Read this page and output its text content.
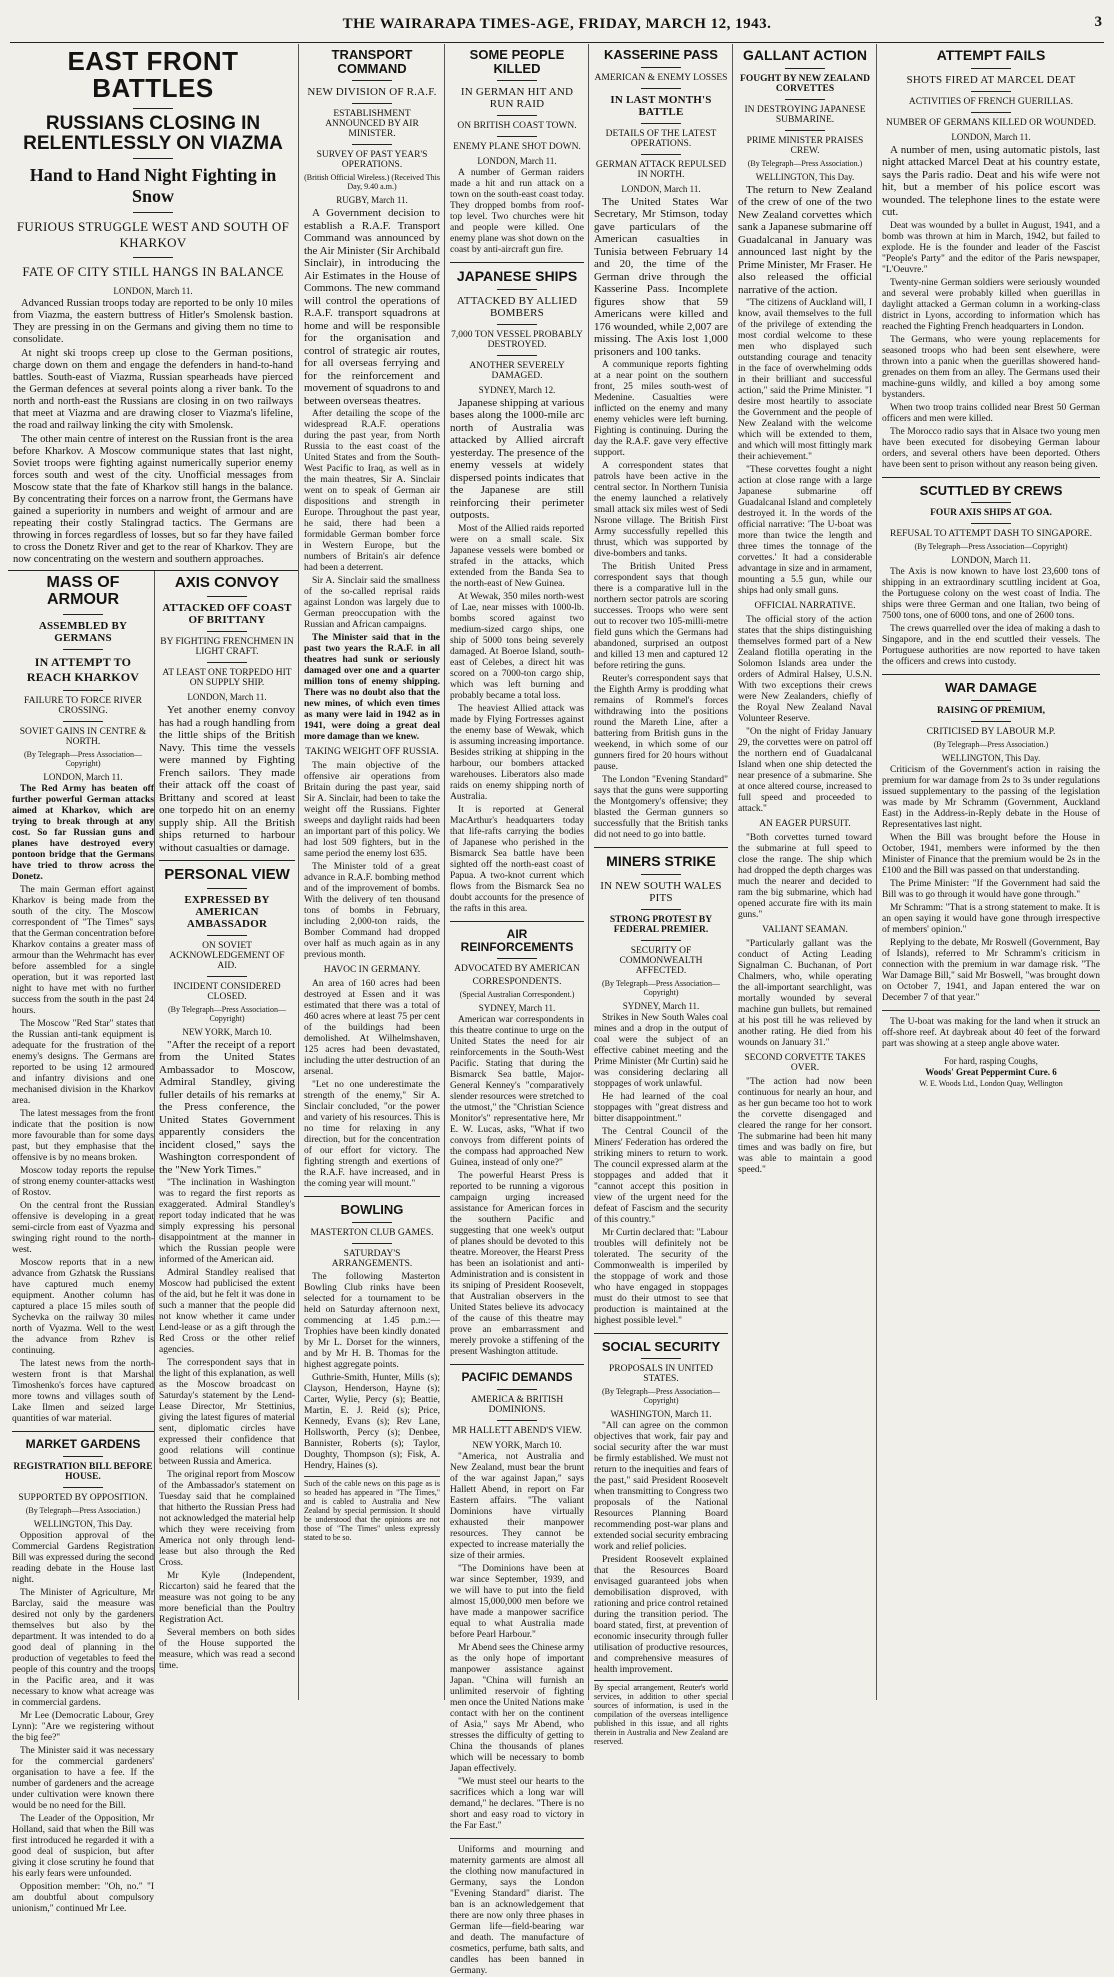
THE WAIRARAPA TIMES-AGE, FRIDAY, MARCH 12, 1943.	3
EAST FRONT BATTLES
RUSSIANS CLOSING IN RELENTLESSLY ON VIAZMA
Hand to Hand Night Fighting in Snow
FURIOUS STRUGGLE WEST AND SOUTH OF KHARKOV
FATE OF CITY STILL HANGS IN BALANCE
LONDON, March 11.

Advanced Russian troops today are reported to be only 10 miles from Viazma, the eastern buttress of Hitler's Smolensk bastion. They are pressing in on the Germans and giving them no time to consolidate.

At night ski troops creep up close to the German positions, charge down on them and engage the defenders in hand-to-hand battles. South-east of Viazma, Russian spearheads have pierced the German defences at several points along a river bank. To the north and north-east the Russians are closing in on two railways that meet at Viazma and are drawing closer to Viazma's lifeline, the road and railway linking the city with Smolensk.

The other main centre of interest on the Russian front is the area before Kharkov. A Moscow communique states that last night, Soviet troops were fighting against numerically superior enemy forces south and west of the city. Unofficial messages from Moscow state that the fate of Kharkov still hangs in the balance. By concentrating their forces on a narrow front, the Germans have gained a superiority in numbers and weight of armour and are repeating their costly Stalingrad tactics. The Germans are throwing in forces regardless of losses, but so far they have failed to cross the Donetz River and get to the rear of Kharkov. They are now concentrating on the western and southern approaches.

MASS OF ARMOUR
ASSEMBLED BY GERMANS
IN ATTEMPT TO REACH KHARKOV
FAILURE TO FORCE RIVER CROSSING.
SOVIET GAINS IN CENTRE & NORTH.
(By Telegraph—Press Association—Copyright)
LONDON, March 11.

The Red Army has beaten off further powerful German attacks aimed at Kharkov, which are trying to break through at any cost. So far Russian guns and planes have destroyed every pontoon bridge that the Germans have tried to throw across the Donetz.

The main German effort against Kharkov is being made from the south of the city. The Moscow correspondent of "The Times" says that the German concentration before Kharkov contains a greater mass of armour than the Wehrmacht has ever before assembled for a single operation, but it was reported last night to have met with no further success from the south in the past 24 hours.

The Moscow "Red Star" states that the Russian anti-tank equipment is adequate for the frustration of the enemy's designs. The Germans are reported to be using 12 armoured and infantry divisions and one mechanised division in the Kharkov area.

The latest messages from the front indicate that the position is now more favourable than for some days past, but they emphasise that the offensive is by no means broken.

Moscow today reports the repulse of strong enemy counter-attacks west of Rostov.

On the central front the Russian offensive is developing in a great semi-circle from east of Vyazma and swinging right round to the north-west.

Moscow reports that in a new advance from Gzhatsk the Russians have captured much enemy equipment. Another column has captured a place 15 miles south of Sychevka on the railway 30 miles north of Vyazma. Well to the west the advance from Rzhev is continuing.

The latest news from the north-western front is that Marshal Timoshenko's forces have captured more towns and villages south of Lake Ilmen and seized large quantities of war material.

MARKET GARDENS
REGISTRATION BILL BEFORE HOUSE.
SUPPORTED BY OPPOSITION.
(By Telegraph—Press Association.)
WELLINGTON, This Day.

Opposition approval of the Commercial Gardens Registration Bill was expressed during the second reading debate in the House last night.

The Minister of Agriculture, Mr Barclay, said the measure was desired not only by the gardeners themselves but also by the department. It was intended to do a good deal of planning in the production of vegetables to feed the people of this country and the troops in the Pacific area, and it was necessary to know what acreage was in commercial gardens.

Mr Lee (Democratic Labour, Grey Lynn): "Are we registering without the big fee?"

The Minister said it was necessary for the commercial gardeners' organisation to have a fee. If the number of gardeners and the acreage under cultivation were known there would be no need for the Bill.

The Leader of the Opposition, Mr Holland, said that when the Bill was first introduced he regarded it with a good deal of suspicion, but after giving it close scrutiny he found that his early fears were unfounded.

Opposition member: "Oh, no." "I am doubtful about compulsory unionism," continued Mr Lee.

AXIS CONVOY
ATTACKED OFF COAST OF BRITTANY
BY FIGHTING FRENCHMEN IN LIGHT CRAFT.
AT LEAST ONE TORPEDO HIT ON SUPPLY SHIP.
LONDON, March 11.

Yet another enemy convoy has had a rough handling from the little ships of the British Navy. This time the vessels were manned by Fighting French sailors. They made their attack off the coast of Brittany and scored at least one torpedo hit on an enemy supply ship. All the British ships returned to harbour without casualties or damage.

PERSONAL VIEW
EXPRESSED BY AMERICAN AMBASSADOR
ON SOVIET ACKNOWLEDGEMENT OF AID.
INCIDENT CONSIDERED CLOSED.
(By Telegraph—Press Association—Copyright)
NEW YORK, March 10.

"After the receipt of a report from the United States Ambassador to Moscow, Admiral Standley, giving fuller details of his remarks at the Press conference, the United States Government apparently considers the incident closed," says the Washington correspondent of the "New York Times."

"The inclination in Washington was to regard the first reports as exaggerated. Admiral Standley's report today indicated that he was simply expressing his personal disappointment at the manner in which the Russian people were informed of the American aid.

Admiral Standley realised that Moscow had publicised the extent of the aid, but he felt it was done in such a manner that the people did not know whether it came under Lend-lease or as a gift through the Red Cross or the other relief agencies.

The correspondent says that in the light of this explanation, as well as the Moscow broadcast on Saturday's statement by the Lend-Lease Director, Mr Stettinius, giving the latest figures of material sent, diplomatic circles have expressed their confidence that good relations will continue between Russia and America.

The original report from Moscow of the Ambassador's statement on Tuesday said that he complained that hitherto the Russian Press had not acknowledged the material help which they were receiving from America not only through lend-lease but also through the Red Cross.

Mr Kyle (Independent, Riccarton) said he feared that the measure was not going to be any more beneficial than the Poultry Registration Act.

Several members on both sides of the House supported the measure, which was read a second time.

TRANSPORT COMMAND
NEW DIVISION OF R.A.F.
ESTABLISHMENT ANNOUNCED BY AIR MINISTER.
SURVEY OF PAST YEAR'S OPERATIONS.
(British Official Wireless.) (Received This Day, 9.40 a.m.)
RUGBY, March 11.

A Government decision to establish a R.A.F. Transport Command was announced by the Air Minister (Sir Archibald Sinclair), in introducing the Air Estimates in the House of Commons. The new command will control the operations of R.A.F. transport squadrons at home and will be responsible for the organisation and control of strategic air routes, for all overseas ferrying and for the reinforcement and movement of squadrons to and between overseas theatres.

After detailing the scope of the widespread R.A.F. operations during the past year, from North Russia to the east coast of the United States and from the South-West Pacific to Iraq, as well as in the main theatres, Sir A. Sinclair went on to speak of German air dispositions and strength in Europe. Throughout the past year, he said, there had been a formidable German bomber force in Western Europe, but the numbers of Britain's air defence had been a deterrent.

Sir A. Sinclair said the smallness of the so-called reprisal raids against London was largely due to German preoccupation with the Russian and African campaigns.

The Minister said that in the past two years the R.A.F. in all theatres had sunk or seriously damaged over one and a quarter million tons of enemy shipping. There was no doubt also that the new mines, of which even times as many were laid in 1942 as in 1941, were doing a great deal more damage than we knew.

TAKING WEIGHT OFF RUSSIA.

The main objective of the offensive air operations from Britain during the past year, said Sir A. Sinclair, had been to take the weight off the Russians. Fighter sweeps and daylight raids had been an important part of this policy. We had lost 509 fighters, but in the same period the enemy lost 635.

The Minister told of a great advance in R.A.F. bombing method and of the improvement of bombs. With the delivery of ten thousand tons of bombs in February, including 2,000-ton raids, the Bomber Command had dropped over half as much again as in any previous month.

HAVOC IN GERMANY.

An area of 160 acres had been destroyed at Essen and it was estimated that there was a total of 460 acres where at least 75 per cent of the buildings had been demolished. At Wilhelmshaven, 125 acres had been devastated, including the utter destruction of an arsenal.

"Let no one underestimate the strength of the enemy," Sir A. Sinclair concluded, "or the power and variety of his resources. This is no time for relaxing in any direction, but for the concentration of our effort for victory. The fighting strength and exertions of the R.A.F. have increased, and in the coming year will mount."

BOWLING
MASTERTON CLUB GAMES.
SATURDAY'S ARRANGEMENTS.

The following Masterton Bowling Club rinks have been selected for a tournament to be held on Saturday afternoon next, commencing at 1.45 p.m.:—Trophies have been kindly donated by Mr L. Dorset for the winners, and by Mr H. B. Thomas for the highest aggregate points.

Guthrie-Smith, Hunter, Mills (s); Clayson, Henderson, Hayne (s); Carter, Wylie, Percy (s); Beattie, Martin, E. J. Reid (s); Price, Kennedy, Evans (s); Rev Lane, Hollsworth, Percy (s); Denbee, Bannister, Roberts (s); Taylor, Doughty, Thompson (s); Fisk, A. Hendry, Haines (s).

Such of the cable news on this page as is so headed has appeared in "The Times," and is cabled to Australia and New Zealand by special permission. It should be understood that the opinions are not those of "The Times" unless expressly stated to be so.
SOME PEOPLE KILLED
IN GERMAN HIT AND RUN RAID
ON BRITISH COAST TOWN.
ENEMY PLANE SHOT DOWN.
LONDON, March 11.

A number of German raiders made a hit and run attack on a town on the south-east coast today. They dropped bombs from roof-top level. Two churches were hit and people were killed. One enemy plane was shot down on the coast by anti-aircraft gun fire.

JAPANESE SHIPS
ATTACKED BY ALLIED BOMBERS
7,000 TON VESSEL PROBABLY DESTROYED.
ANOTHER SEVERELY DAMAGED.
SYDNEY, March 12.

Japanese shipping at various bases along the 1000-mile arc north of Australia was attacked by Allied aircraft yesterday. The presence of the enemy vessels at widely dispersed points indicates that the Japanese are still reinforcing their perimeter outposts.

Most of the Allied raids reported were on a small scale. Six Japanese vessels were bombed or strafed in the attacks, which extended from the Banda Sea to the north-east of New Guinea.

At Wewak, 350 miles north-west of Lae, near misses with 1000-lb. bombs scored against two medium-sized cargo ships, one ship of 5000 tons being severely damaged. At Boeroe Island, south-east of Celebes, a direct hit was scored on a 7000-ton cargo ship, which was left burning and probably became a total loss.

The heaviest Allied attack was made by Flying Fortresses against the enemy base of Wewak, which is assuming increasing importance. Besides striking at shipping in the harbour, our bombers attacked warehouses. Liberators also made raids on enemy shipping north of Australia.

It is reported at General MacArthur's headquarters today that life-rafts carrying the bodies of Japanese who perished in the Bismarck Sea battle have been sighted off the north-east coast of Papua. A two-knot current which flows from the Bismarck Sea no doubt accounts for the presence of the rafts in this area.

AIR REINFORCEMENTS
ADVOCATED BY AMERICAN
CORRESPONDENTS.
(Special Australian Correspondent.)
SYDNEY, March 11.

American war correspondents in this theatre continue to urge on the United States the need for air reinforcements in the South-West Pacific. Stating that during the Bismarck Sea battle, Major-General Kenney's "comparatively slender resources were stretched to the utmost," the "Christian Science Monitor's" representative here, Mr E. W. Lucas, asks, "What if two convoys from different points of the compass had approached New Guinea, instead of only one?"

The powerful Hearst Press is reported to be running a vigorous campaign urging increased assistance for American forces in the southern Pacific and suggesting that one week's output of planes should be devoted to this theatre. Moreover, the Hearst Press has been an isolationist and anti-Administration and is consistent in its sniping of President Roosevelt, that Australian observers in the United States believe its advocacy of the cause of this theatre may prove an embarrassment and merely provoke a stiffening of the present Washington attitude.

PACIFIC DEMANDS
AMERICA & BRITISH DOMINIONS.
MR HALLETT ABEND'S VIEW.
NEW YORK, March 10.

"America, not Australia and New Zealand, must bear the brunt of the war against Japan," says Hallett Abend, in report on Far Eastern affairs. "The valiant Dominions have virtually exhausted their manpower resources. They cannot be expected to increase materially the size of their armies.

"The Dominions have been at war since September, 1939, and we will have to put into the field almost 15,000,000 men before we have made a manpower sacrifice equal to what Australia made before Pearl Harbour."

Mr Abend sees the Chinese army as the only hope of important manpower assistance against Japan. "China will furnish an unlimited reservoir of fighting men once the United Nations make contact with her on the continent of Asia," says Mr Abend, who stresses the difficulty of getting to China the thousands of planes which will be necessary to bomb Japan effectively.

"We must steel our hearts to the sacrifices which a long war will demand," he declares. "There is no short and easy road to victory in the Far East."

Uniforms and mourning and maternity garments are almost all the clothing now manufactured in Germany, says the London "Evening Standard" diarist. The ban is an acknowledgement that there are now only three phases in German life—field-bearing war and death. The manufacture of cosmetics, perfume, bath salts, and candles has been banned in Germany.

KASSERINE PASS
AMERICAN & ENEMY LOSSES
IN LAST MONTH'S BATTLE
DETAILS OF THE LATEST OPERATIONS.
GERMAN ATTACK REPULSED IN NORTH.
LONDON, March 11.

The United States War Secretary, Mr Stimson, today gave particulars of the American casualties in Tunisia between February 14 and 20, the time of the German drive through the Kasserine Pass. Incomplete figures show that 59 Americans were killed and 176 wounded, while 2,007 are missing. The Axis lost 1,000 prisoners and 100 tanks.

A communique reports fighting at a near point on the southern front, 25 miles south-west of Medenine. Casualties were inflicted on the enemy and many enemy vehicles were left burning. Fighting is continuing. During the day the R.A.F. gave very effective support.

A correspondent states that patrols have been active in the central sector. In Northern Tunisia the enemy launched a relatively small attack six miles west of Sedi Nsrone village. The British First Army successfully repelled this thrust, which was supported by dive-bombers and tanks.

The British United Press correspondent says that though there is a comparative lull in the northern sector patrols are scoring successes. Troops who were sent out to recover two 105-milli-metre field guns which the Germans had abandoned, surprised an outpost and killed 13 men and captured 12 before retiring the guns.

Reuter's correspondent says that the Eighth Army is prodding what remains of Rommel's forces withdrawing into the positions round the Mareth Line, after a battering from British guns in the weekend, in which some of our gunners fired for 20 hours without pause.

The London "Evening Standard" says that the guns were supporting the Montgomery's offensive; they blasted the German gunners so successfully that the British tanks did not need to go into battle.

MINERS STRIKE
IN NEW SOUTH WALES PITS
STRONG PROTEST BY FEDERAL PREMIER.
SECURITY OF COMMONWEALTH AFFECTED.
(By Telegraph—Press Association—Copyright)
SYDNEY, March 11.

Strikes in New South Wales coal mines and a drop in the output of coal were the subject of an effective cabinet meeting and the Prime Minister (Mr Curtin) said he was considering declaring all stoppages of work unlawful.

He had learned of the coal stoppages with "great distress and bitter disappointment."

The Central Council of the Miners' Federation has ordered the striking miners to return to work. The council expressed alarm at the stoppages and added that it "cannot accept this position in view of the urgent need for the defeat of Fascism and the security of this country."

Mr Curtin declared that: "Labour troubles will definitely not be tolerated. The security of the Commonwealth is imperiled by the stoppage of work and those who have engaged in stoppages must do their utmost to see that production is maintained at the highest possible level."

SOCIAL SECURITY
PROPOSALS IN UNITED STATES.
(By Telegraph—Press Association—Copyright)
WASHINGTON, March 11.

"All can agree on the common objectives that work, fair pay and social security after the war must be firmly established. We must not return to the inequities and fears of the past," said President Roosevelt when transmitting to Congress two proposals of the National Resources Planning Board recommending post-war plans and extended social security embracing work and relief policies.

President Roosevelt explained that the Resources Board envisaged guaranteed jobs when demobilisation disproved, with rationing and price control retained during the transition period. The board stated, first, at prevention of economic insecurity through fuller utilisation of productive resources, and comprehensive measures of health improvement.

By special arrangement, Reuter's world services, in addition to other special sources of information, is used in the compilation of the overseas intelligence published in this issue, and all rights therein in Australia and New Zealand are reserved.
GALLANT ACTION
FOUGHT BY NEW ZEALAND CORVETTES
IN DESTROYING JAPANESE SUBMARINE.
PRIME MINISTER PRAISES CREW.
(By Telegraph—Press Association.)
WELLINGTON, This Day.

The return to New Zealand of the crew of one of the two New Zealand corvettes which sank a Japanese submarine off Guadalcanal in January was announced last night by the Prime Minister, Mr Fraser. He also released the official narrative of the action.

"The citizens of Auckland will, I know, avail themselves to the full of the privilege of extending the most cordial welcome to these men who displayed such outstanding courage and tenacity in the face of overwhelming odds in their brilliant and successful action," said the Prime Minister. "I desire most heartily to associate the Government and the people of New Zealand with the welcome which will be extended to them, and which will most fittingly mark their achievement."

"These corvettes fought a night action at close range with a large Japanese submarine off Guadalcanal Island and completely destroyed it. In the words of the official narrative: 'The U-boat was more than twice the length and three times the tonnage of the corvettes.' It had a considerable advantage in size and in armament, mounting a 5.5 gun, while our ships had only small guns.

OFFICIAL NARRATIVE.

The official story of the action states that the ships distinguishing themselves formed part of a New Zealand flotilla operating in the Solomon Islands area under the orders of Admiral Halsey, U.S.N. With two exceptions their crews were New Zealanders, chiefly of the Royal New Zealand Naval Volunteer Reserve.

"On the night of Friday January 29, the corvettes were on patrol off the northern end of Guadalcanal Island when one ship detected the near presence of a submarine. She at once altered course, increased to full speed and proceeded to attack."

AN EAGER PURSUIT.

"Both corvettes turned toward the submarine at full speed to close the range. The ship which had dropped the depth charges was much the nearer and decided to ram the big submarine, which had opened accurate fire with its main guns."

VALIANT SEAMAN.

"Particularly gallant was the conduct of Acting Leading Signalman C. Buchanan, of Port Chalmers, who, while operating the all-important searchlight, was mortally wounded by several machine gun bullets, but remained at his post till he was relieved by another rating. He died from his wounds on January 31."

SECOND CORVETTE TAKES OVER.

"The action had now been continuous for nearly an hour, and as her gun became too hot to work the corvette disengaged and cleared the range for her consort. The submarine had been hit many times and was badly on fire, but was able to maintain a good speed."

ATTEMPT FAILS
SHOTS FIRED AT MARCEL DEAT
ACTIVITIES OF FRENCH GUERILLAS.
NUMBER OF GERMANS KILLED OR WOUNDED.
LONDON, March 11.

A number of men, using automatic pistols, last night attacked Marcel Deat at his country estate, says the Paris radio. Deat and his wife were not hit, but a member of his police escort was wounded. The telephone lines to the estate were cut.

Deat was wounded by a bullet in August, 1941, and a bomb was thrown at him in March, 1942, but failed to explode. He is the founder and leader of the Fascist "People's Party" and the editor of the Paris newspaper, "L'Oeuvre."

Twenty-nine German soldiers were seriously wounded and several were probably killed when guerillas in daylight attacked a German column in a working-class district in Lyons, according to information which has reached the Fighting French headquarters in London.

The Germans, who were young replacements for seasoned troops who had been sent elsewhere, were thrown into a panic when the guerillas showered hand-grenades on them from an alley. The Germans used their machine-guns wildly, and killed a boy among some bystanders.

When two troop trains collided near Brest 50 German officers and men were killed.

The Morocco radio says that in Alsace two young men have been executed for disobeying German labour orders, and several others have been deported. Others have been sent to prison without any reason being given.

SCUTTLED BY CREWS
FOUR AXIS SHIPS AT GOA.
REFUSAL TO ATTEMPT DASH TO SINGAPORE.
(By Telegraph—Press Association—Copyright)
LONDON, March 11.

The Axis is now known to have lost 23,600 tons of shipping in an extraordinary scuttling incident at Goa, the Portuguese colony on the west coast of India. The ships were three German and one Italian, two being of 7500 tons, one of 6000 tons, and one of 2600 tons.

The crews quarrelled over the idea of making a dash to Singapore, and in the end scuttled their vessels. The Portuguese authorities are now reported to have taken the officers and crews into custody.

WAR DAMAGE
RAISING OF PREMIUM,
CRITICISED BY LABOUR M.P.
(By Telegraph—Press Association.)
WELLINGTON, This Day.

Criticism of the Government's action in raising the premium for war damage from 2s to 3s under regulations issued supplementary to the passing of the legislation was made by Mr Schramm (Government, Auckland East) in the Address-in-Reply debate in the House of Representatives last night.

When the Bill was brought before the House in October, 1941, members were informed by the then Minister of Finance that the premium would be 2s in the £100 and the Bill was passed on that understanding.

The Prime Minister: "If the Government had said the Bill was to go through it would have gone through."

Mr Schramm: "That is a strong statement to make. It is an open saying it would have gone through irrespective of members' opinion."

Replying to the debate, Mr Roswell (Government, Bay of Islands), referred to Mr Schramm's criticism in connection with the premium in war damage risk. "The War Damage Bill," said Mr Boswell, "was brought down on October 7, 1941, and Japan entered the war on December 7 of that year."

The U-boat was making for the land when it struck an off-shore reef. At daybreak about 40 feet of the forward part was showing at a steep angle above water.

For hard, rasping Coughs,
Woods' Great Peppermint Cure. 6
W. E. Woods Ltd., London Quay, Wellington
